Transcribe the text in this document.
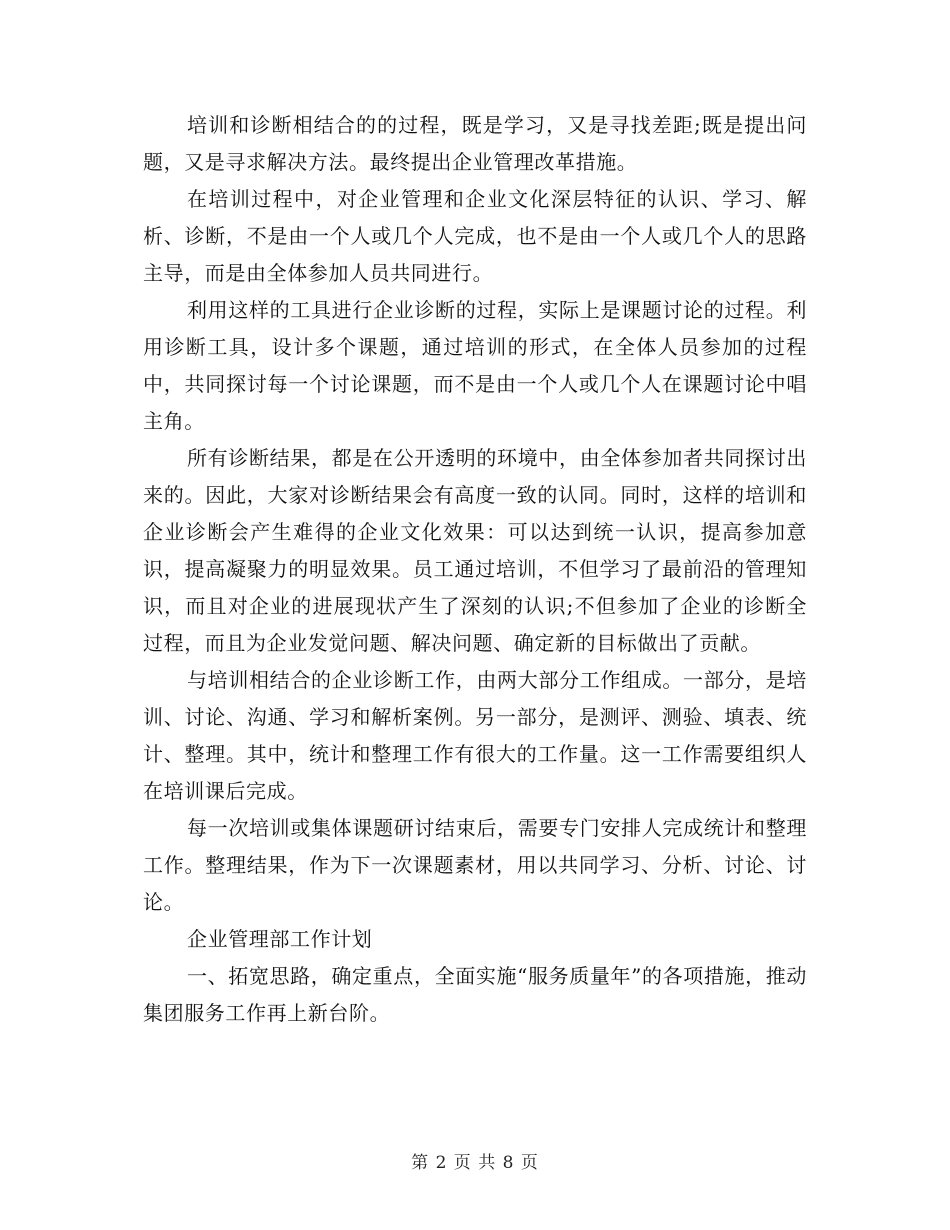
培训和诊断相结合的的过程，既是学习，又是寻找差距;既是提出问题，又是寻求解决方法。最终提出企业管理改革措施。

在培训过程中，对企业管理和企业文化深层特征的认识、学习、解析、诊断，不是由一个人或几个人完成，也不是由一个人或几个人的思路主导，而是由全体参加人员共同进行。

利用这样的工具进行企业诊断的过程，实际上是课题讨论的过程。利用诊断工具，设计多个课题，通过培训的形式，在全体人员参加的过程中，共同探讨每一个讨论课题，而不是由一个人或几个人在课题讨论中唱主角。

所有诊断结果，都是在公开透明的环境中，由全体参加者共同探讨出来的。因此，大家对诊断结果会有高度一致的认同。同时，这样的培训和企业诊断会产生难得的企业文化效果：可以达到统一认识，提高参加意识，提高凝聚力的明显效果。员工通过培训，不但学习了最前沿的管理知识，而且对企业的进展现状产生了深刻的认识;不但参加了企业的诊断全过程，而且为企业发觉问题、解决问题、确定新的目标做出了贡献。

与培训相结合的企业诊断工作，由两大部分工作组成。一部分，是培训、讨论、沟通、学习和解析案例。另一部分，是测评、测验、填表、统计、整理。其中，统计和整理工作有很大的工作量。这一工作需要组织人在培训课后完成。

每一次培训或集体课题研讨结束后，需要专门安排人完成统计和整理工作。整理结果，作为下一次课题素材，用以共同学习、分析、讨论、讨论。

企业管理部工作计划

一、拓宽思路，确定重点，全面实施“服务质量年”的各项措施，推动集团服务工作再上新台阶。

第 2 页 共 8 页
